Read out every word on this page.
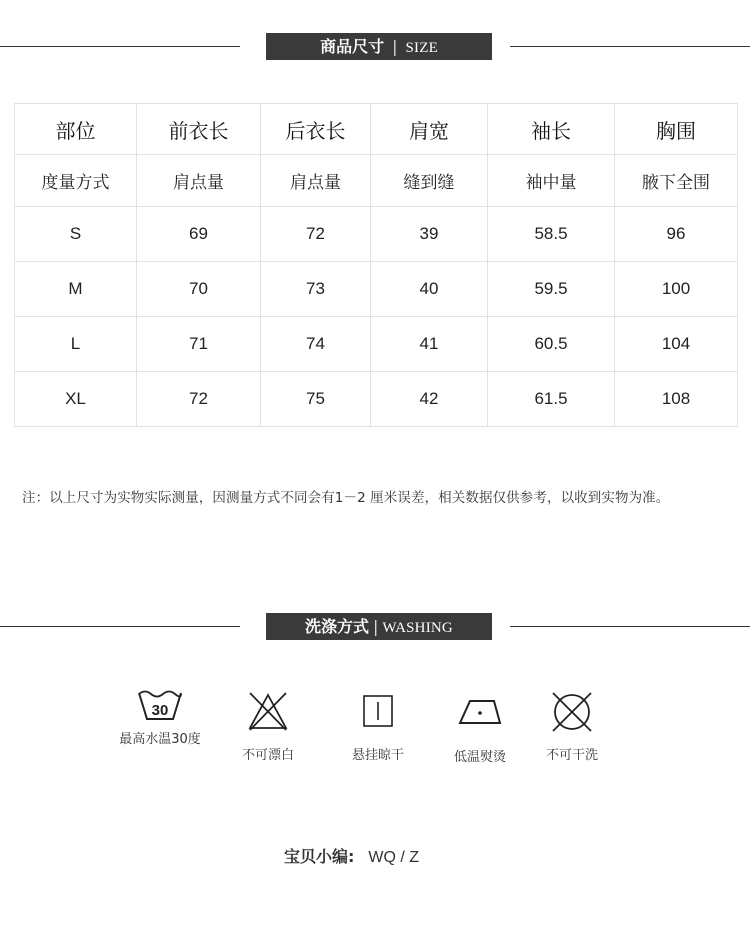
商品尺寸 | SIZE
部位	前衣长	后衣长	肩宽	袖长	胸围
度量方式	肩点量	肩点量	缝到缝	袖中量	腋下全围
S	69	72	39	58.5	96
M	70	73	40	59.5	100
L	71	74	41	60.5	104
XL	72	75	42	61.5	108
注：以上尺寸为实物实际测量，因测量方式不同会有1－2 厘米误差，相关数据仅供参考，以收到实物为准。
洗涤方式 | WASHING
30
最高水温30度
不可漂白	悬挂晾干	低温熨烫	不可干洗
宝贝小编: WQ / Z
